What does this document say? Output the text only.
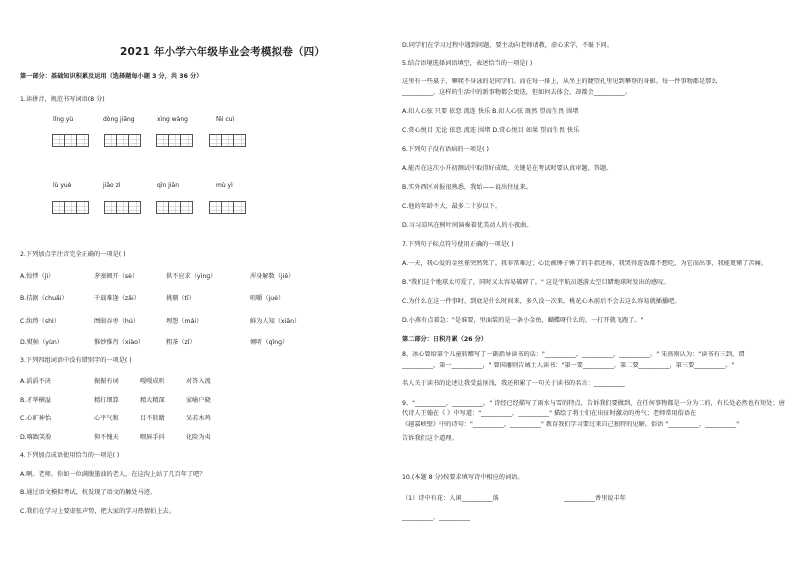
2021 年小学六年级毕业会考模拟卷（四）
第一部分：基础知识积累及运用（选择题每小题 3 分，共 36 分）
1.读拼音，规范书写词语(8 分)
lǐng yù	dòng jiāng	xìng wàng	fēi cuì
lù yuè	jiāo zì	qīn jiān	mù yì
2.下列加点字注音完全正确的一项是( )
A.惊悸（jì）	茅塞顿开（sè）	供不应求（yìnɡ）	浑身解数（jiě）
B.拮据（chuǎi）	千载难逢（zǎi）	挑剔（tī）	咀嚼（jué）
C.纨绔（shì）	囫囵吞枣（hú）	埋怨（mái）	鲜为人知（xiān）
D.熨帖（yùn）	惟妙惟肖（xiào）	粗茶（zǐ）	倾听（qīnɡ）
3.下列四组词语中没有错别字的一项是( )
A.滔滔不决	振振有词	嘎嘎成听	对答入流
B.才华横溢	精打细算	精大精深	家喻户晓
C.心旷神怡	心平气和	目不转睛	呆若木鸡
D.喀跟笑脸	仰不愧天	喂唇手抖	化险为夷
4.下列加点成语使用恰当的一项是( )
A.啊。老师。你如一位满腹墨油的老人，在这沟上站了几百年了吧？
B.通过语文模拟考试，杭发现了语文的触处马迹。
C.我们在学习上要虚张声势，把大家的学习热情拍上去。
D.同学们在学习过程中遇到问题，要主动向老师请教，虚心求学，不耻下问。
5.结合语境选择词语填空，表述恰当的一项是( )
这里有一些桌子，攀爬不身泳的是同学们。而在每一排上，从坐上的睫望孔里见到攀登的身影。每一件事物都是那么
__________，这样的生活中的新事物都会更迭，但如何去体会，却都会__________。
A.扣人心弦 只要 依恋 流连 快乐 B.扣人心弦 既然 望而生畏 围堵
C.赏心悦目 无论 依恋 流连 围堵 D.赏心悦目 如果 望而生畏 快乐
6.下列句子没有语病的一项是( )
A.能否在这次小升初测试中取得好成绩，关键是在考试时要认真审题、答题。
B.实外西区对报很熟悉，我始——说出往址来。
C.他的年龄不大，最多二十岁以下。
D.习习凉风在树叶间演奏着优美动人的小夜曲。
7.下列句子标点符号使用正确的一项是( )
A.一天，我心爱的金丝雀突然死了。我非常难过；心比被锤子锤了的手指还疼，我哭得连饭都不想吃，为它而出事，我能更懂了苦痛。
B."我们这个地球太可爱了，同时又太容易破碎了。" 这是宇航员遨游太空目睹地球时发出的感叹。
C.为什么在这一件事时，到底是什么时间来，多久没一次来，桃花心木前后不会去这么容易就插播吧。
D.小燕有点着急："是谁要，里面装的是一条小金鱼，蝴蝶呀什么的，一打开就飞跑了。"
第二部分：日积月累（26 分）
8、冰心曾给第个儿童转赠写了一副指导读书的话："__________，__________，__________。" 朱熹则认为："读书有三到，谓
__________，第一__________，" 曾国藩则告诫士人读书："第一要__________，第二要__________，第三要__________。"
名人关于读书的论述让我受益匪浅，我还积累了一句关于读书的名言：__________
9、"__________，__________。" 诗经已经描写了雨水与雪的特点，告诉我们要做到，在任何事物都是一分为二的，有长处必然也有短处；唐代诗人王翰在《 》中写道："__________，__________" 描绘了将士们在出征时激动的勇气；老师常用俗语在
《越嘉峡壁》中的诗句："__________，__________" 教育我们学习要过来自己独特的见解。俗语 "__________，__________"
告诉我们这个道理。
10.(本题 8 分)按要求填写诗中相应的词语。
（1）诗中有花：人闲__________落	__________香里说丰年
__________，__________
